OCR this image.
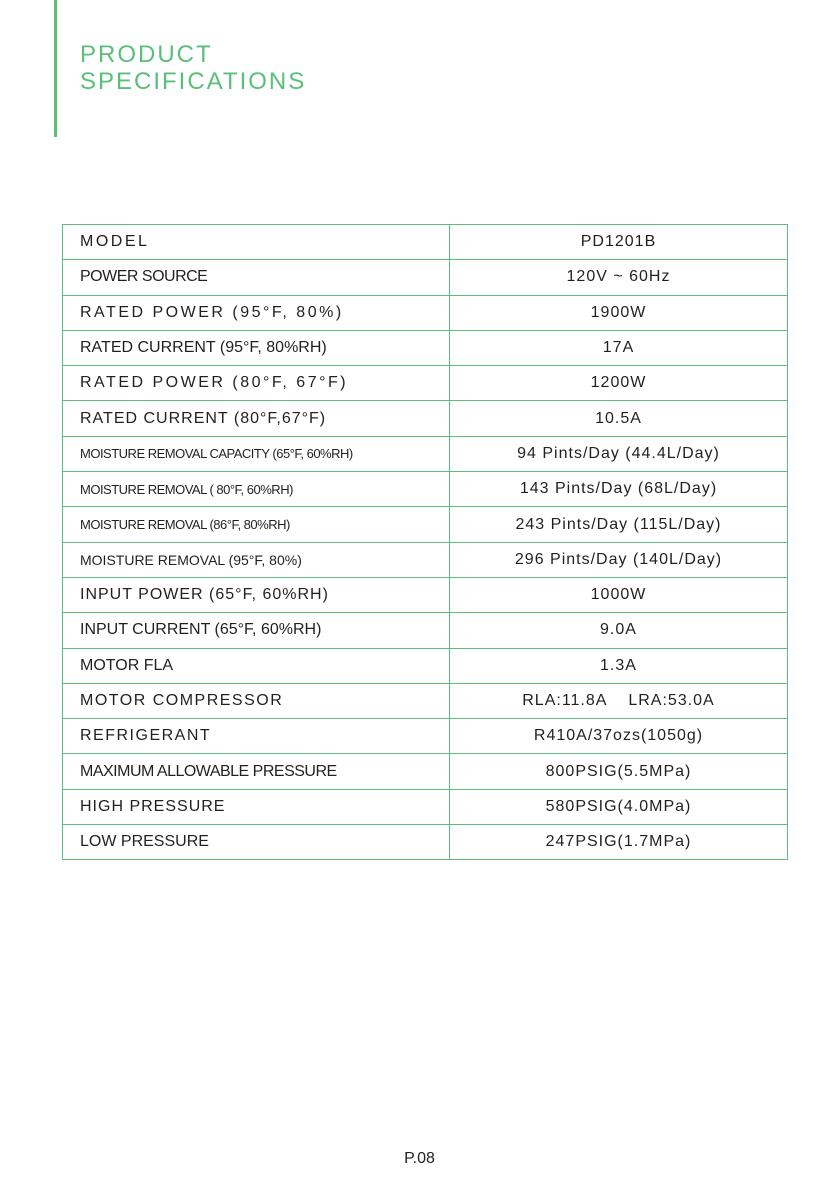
PRODUCT
SPECIFICATIONS
MODEL	PD1201B
POWER SOURCE	120V ~ 60Hz
RATED POWER (95°F, 80%)	1900W
RATED CURRENT (95°F, 80%RH)	17A
RATED POWER (80°F, 67°F)	1200W
RATED CURRENT (80°F,67°F)	10.5A
MOISTURE REMOVAL CAPACITY (65°F, 60%RH)	94 Pints/Day (44.4L/Day)
MOISTURE REMOVAL ( 80°F, 60%RH)	143 Pints/Day (68L/Day)
MOISTURE REMOVAL (86°F, 80%RH)	243 Pints/Day (115L/Day)
MOISTURE REMOVAL (95°F, 80%)	296 Pints/Day (140L/Day)
INPUT POWER (65°F, 60%RH)	1000W
INPUT CURRENT (65°F, 60%RH)	9.0A
MOTOR FLA	1.3A
MOTOR COMPRESSOR	RLA:11.8A    LRA:53.0A
REFRIGERANT	R410A/37ozs(1050g)
MAXIMUM ALLOWABLE PRESSURE	800PSIG(5.5MPa)
HIGH PRESSURE	580PSIG(4.0MPa)
LOW PRESSURE	247PSIG(1.7MPa)
P.08
